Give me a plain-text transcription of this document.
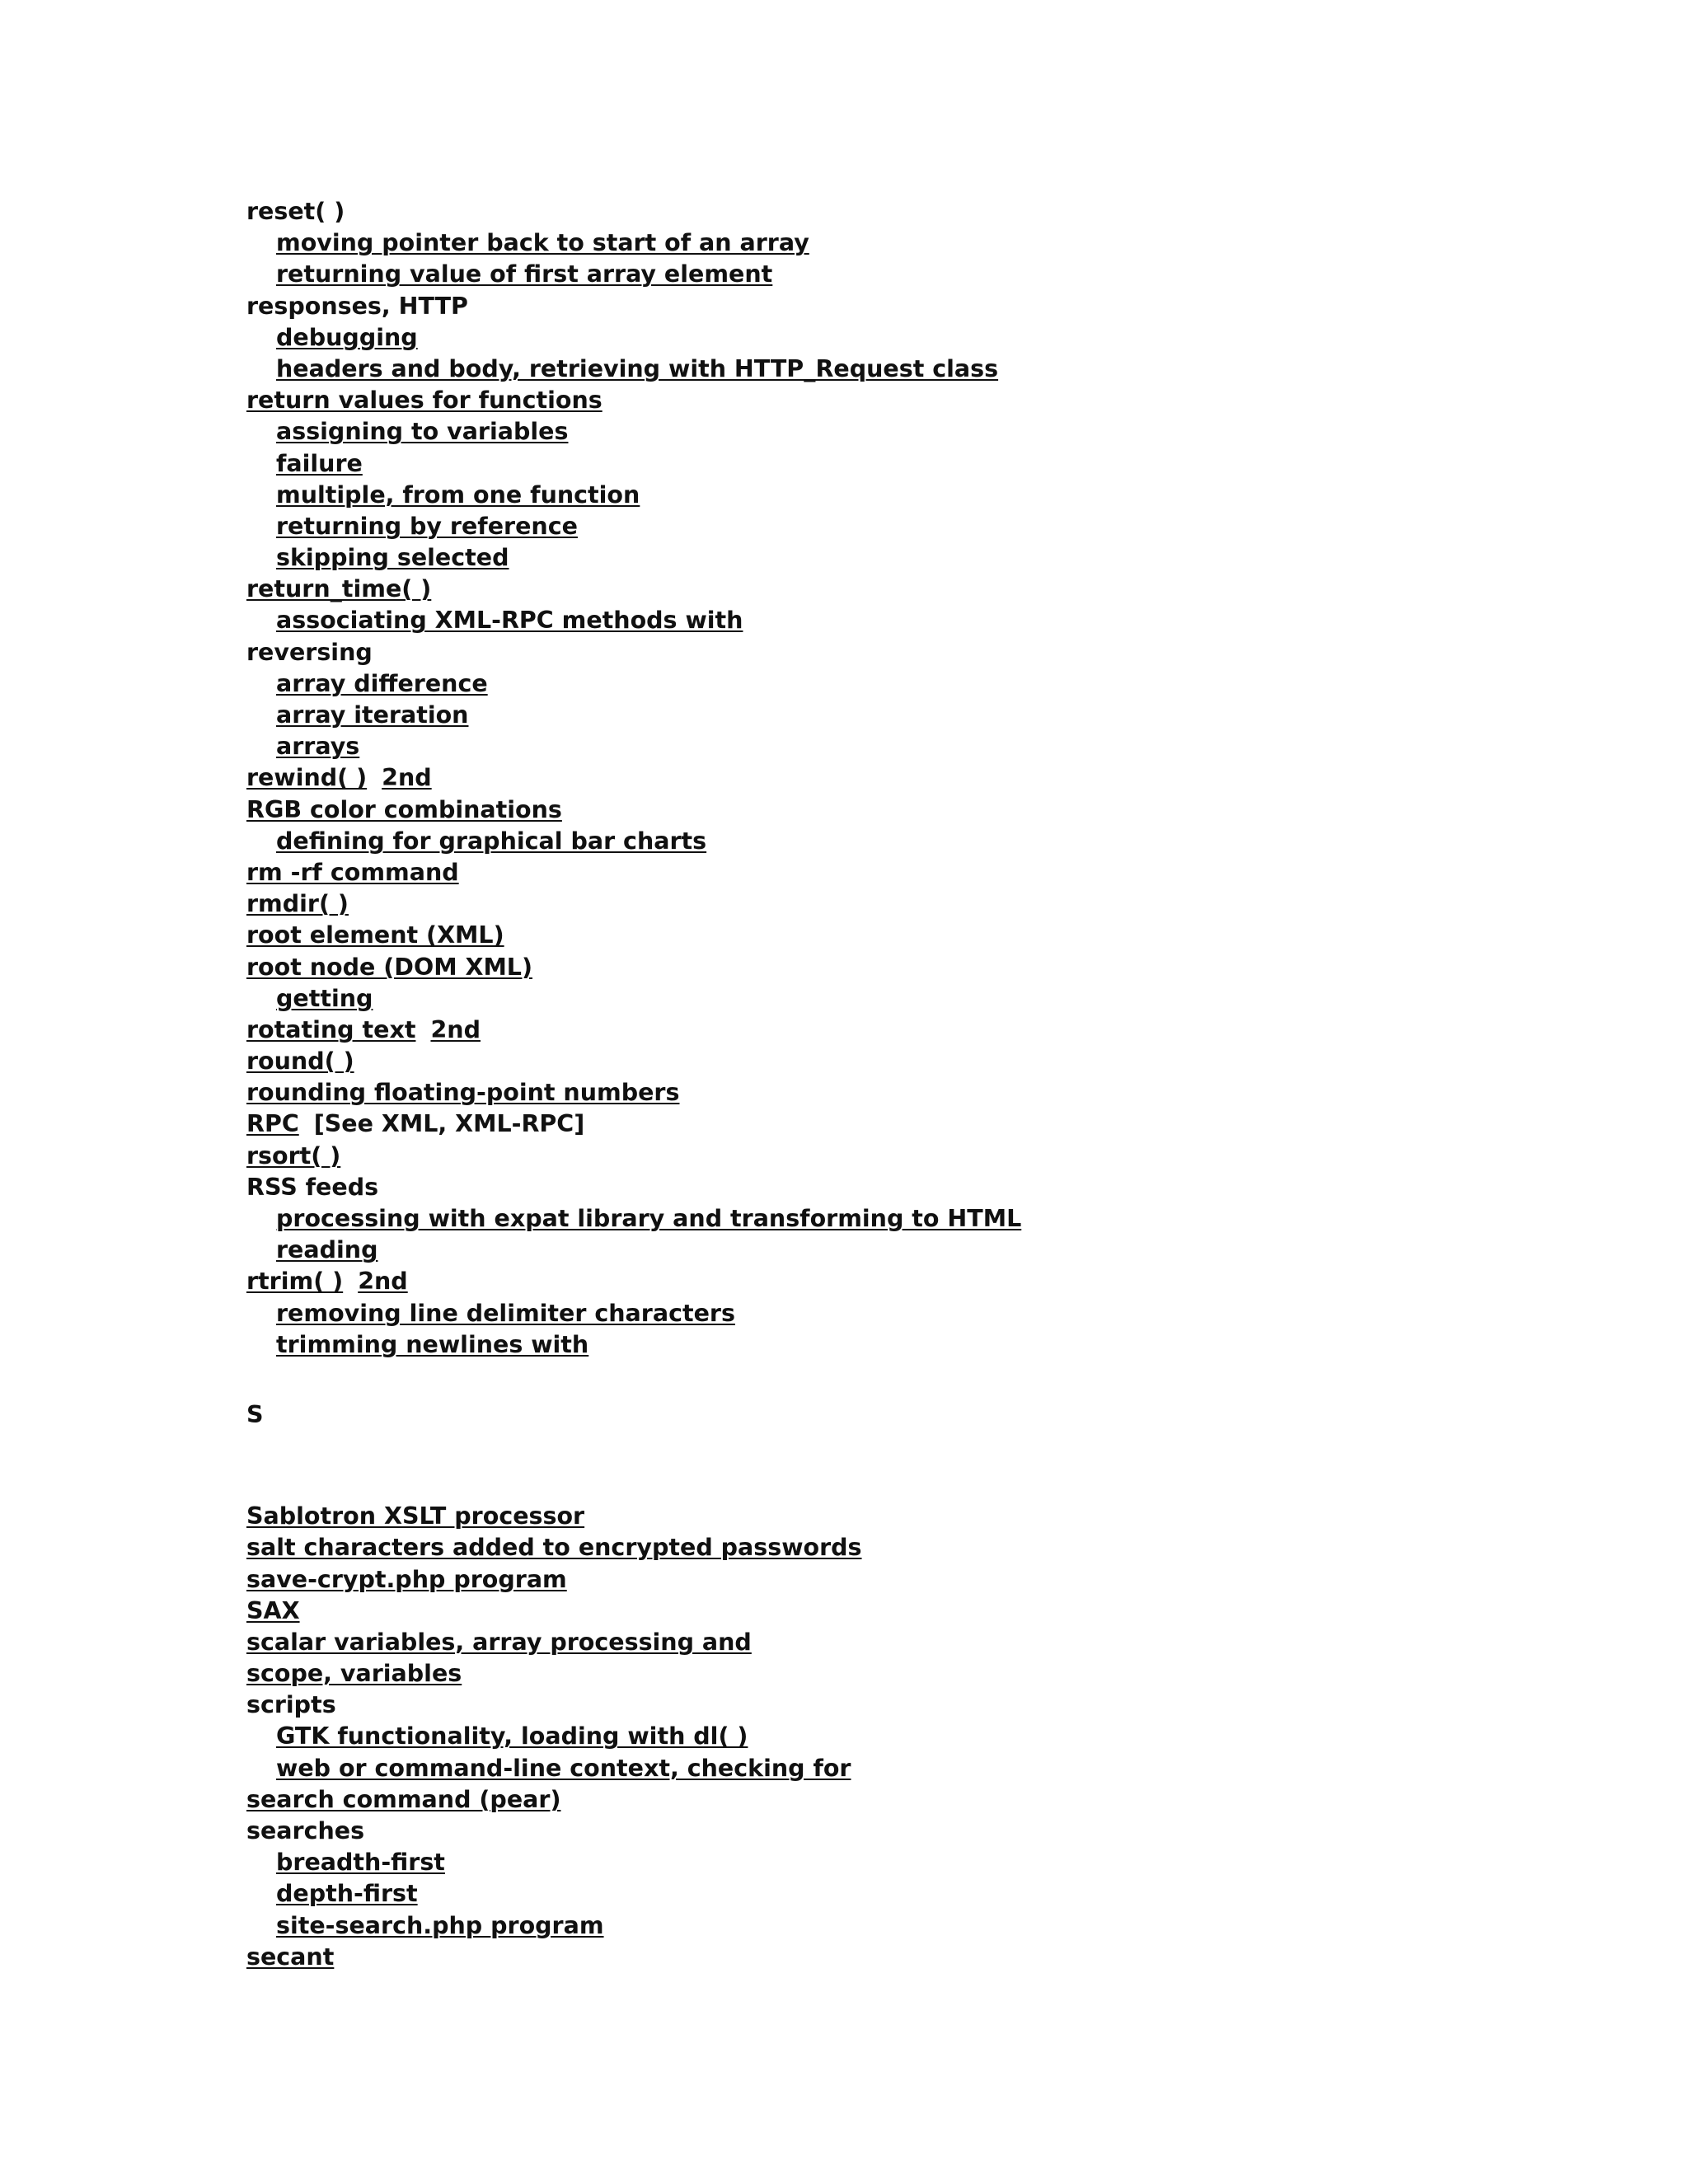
reset( )
moving pointer back to start of an array
returning value of first array element
responses, HTTP
debugging
headers and body, retrieving with HTTP_Request class
return values for functions
assigning to variables
failure
multiple, from one function
returning by reference
skipping selected
return_time( )
associating XML-RPC methods with
reversing
array difference
array iteration
arrays
rewind( ) 2nd
RGB color combinations
defining for graphical bar charts
rm -rf command
rmdir( )
root element (XML)
root node (DOM XML)
getting
rotating text 2nd
round( )
rounding floating-point numbers
RPC [See XML, XML-RPC]
rsort( )
RSS feeds
processing with expat library and transforming to HTML
reading
rtrim( ) 2nd
removing line delimiter characters
trimming newlines with
S
Sablotron XSLT processor
salt characters added to encrypted passwords
save-crypt.php program
SAX
scalar variables, array processing and
scope, variables
scripts
GTK functionality, loading with dl( )
web or command-line context, checking for
search command (pear)
searches
breadth-first
depth-first
site-search.php program
secant
